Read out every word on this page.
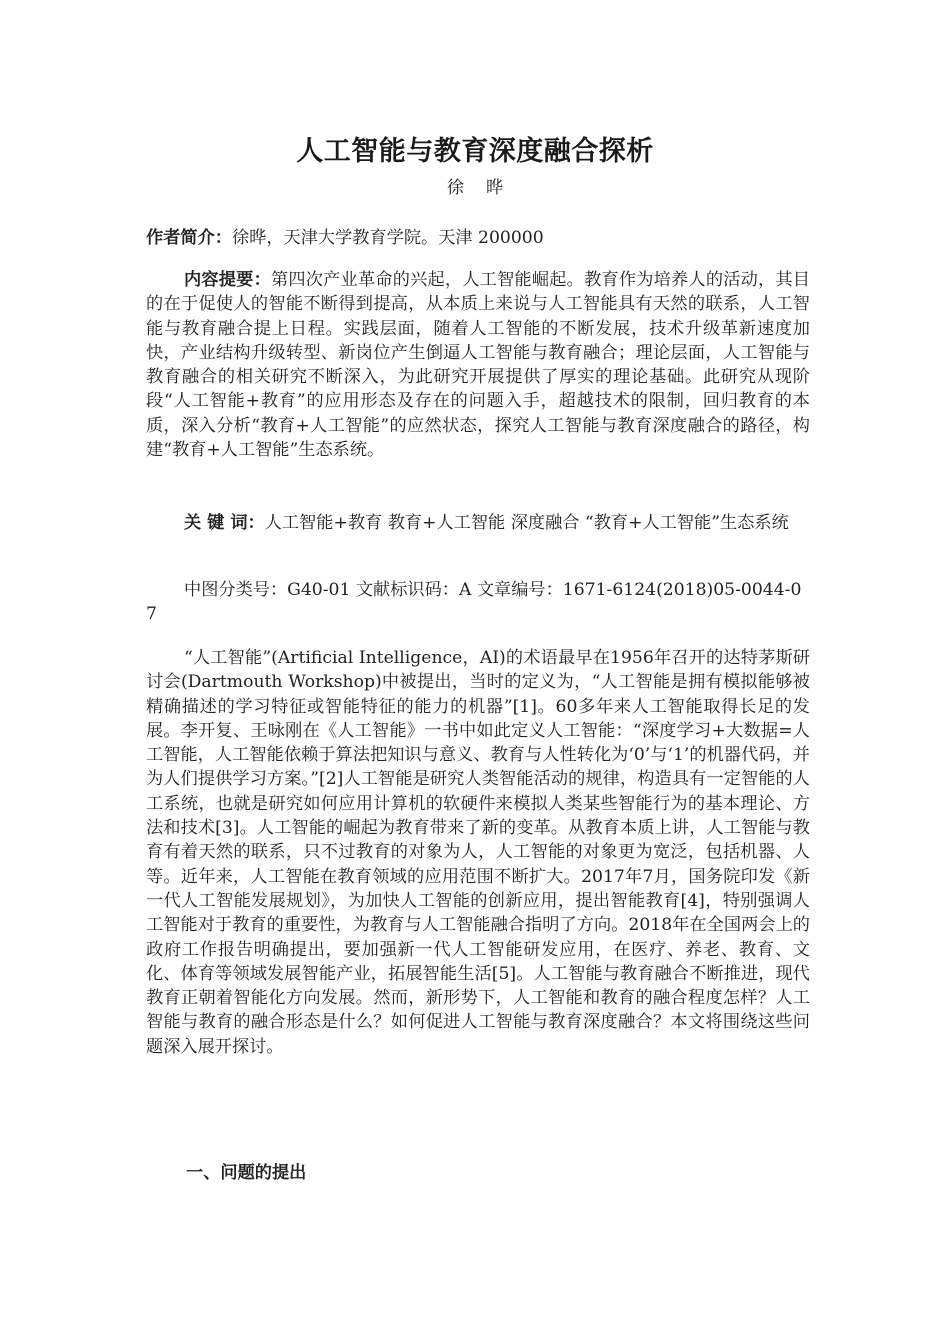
人工智能与教育深度融合探析
徐晔
作者简介：徐晔，天津大学教育学院。天津 200000
内容提要：第四次产业革命的兴起，人工智能崛起。教育作为培养人的活动，其目的在于促使人的智能不断得到提高，从本质上来说与人工智能具有天然的联系，人工智能与教育融合提上日程。实践层面，随着人工智能的不断发展，技术升级革新速度加快，产业结构升级转型、新岗位产生倒逼人工智能与教育融合；理论层面，人工智能与教育融合的相关研究不断深入，为此研究开展提供了厚实的理论基础。此研究从现阶段“人工智能+教育”的应用形态及存在的问题入手，超越技术的限制，回归教育的本质，深入分析“教育+人工智能”的应然状态，探究人工智能与教育深度融合的路径，构建“教育+人工智能”生态系统。
关 键 词：人工智能+教育 教育+人工智能 深度融合 “教育+人工智能”生态系统
中图分类号：G40-01 文献标识码：A 文章编号：1671-6124(2018)05-0044-07
“人工智能”(Artificial Intelligence，AI)的术语最早在1956年召开的达特茅斯研讨会(Dartmouth Workshop)中被提出，当时的定义为，“人工智能是拥有模拟能够被精确描述的学习特征或智能特征的能力的机器”[1]。60多年来人工智能取得长足的发展。李开复、王咏刚在《人工智能》一书中如此定义人工智能：“深度学习+大数据=人工智能，人工智能依赖于算法把知识与意义、教育与人性转化为‘0’与‘1’的机器代码，并为人们提供学习方案。”[2]人工智能是研究人类智能活动的规律，构造具有一定智能的人工系统，也就是研究如何应用计算机的软硬件来模拟人类某些智能行为的基本理论、方法和技术[3]。人工智能的崛起为教育带来了新的变革。从教育本质上讲，人工智能与教育有着天然的联系，只不过教育的对象为人，人工智能的对象更为宽泛，包括机器、人等。近年来，人工智能在教育领域的应用范围不断扩大。2017年7月，国务院印发《新一代人工智能发展规划》，为加快人工智能的创新应用，提出智能教育[4]，特别强调人工智能对于教育的重要性，为教育与人工智能融合指明了方向。2018年在全国两会上的政府工作报告明确提出，要加强新一代人工智能研发应用，在医疗、养老、教育、文化、体育等领域发展智能产业，拓展智能生活[5]。人工智能与教育融合不断推进，现代教育正朝着智能化方向发展。然而，新形势下，人工智能和教育的融合程度怎样？人工智能与教育的融合形态是什么？如何促进人工智能与教育深度融合？本文将围绕这些问题深入展开探讨。
一、问题的提出
